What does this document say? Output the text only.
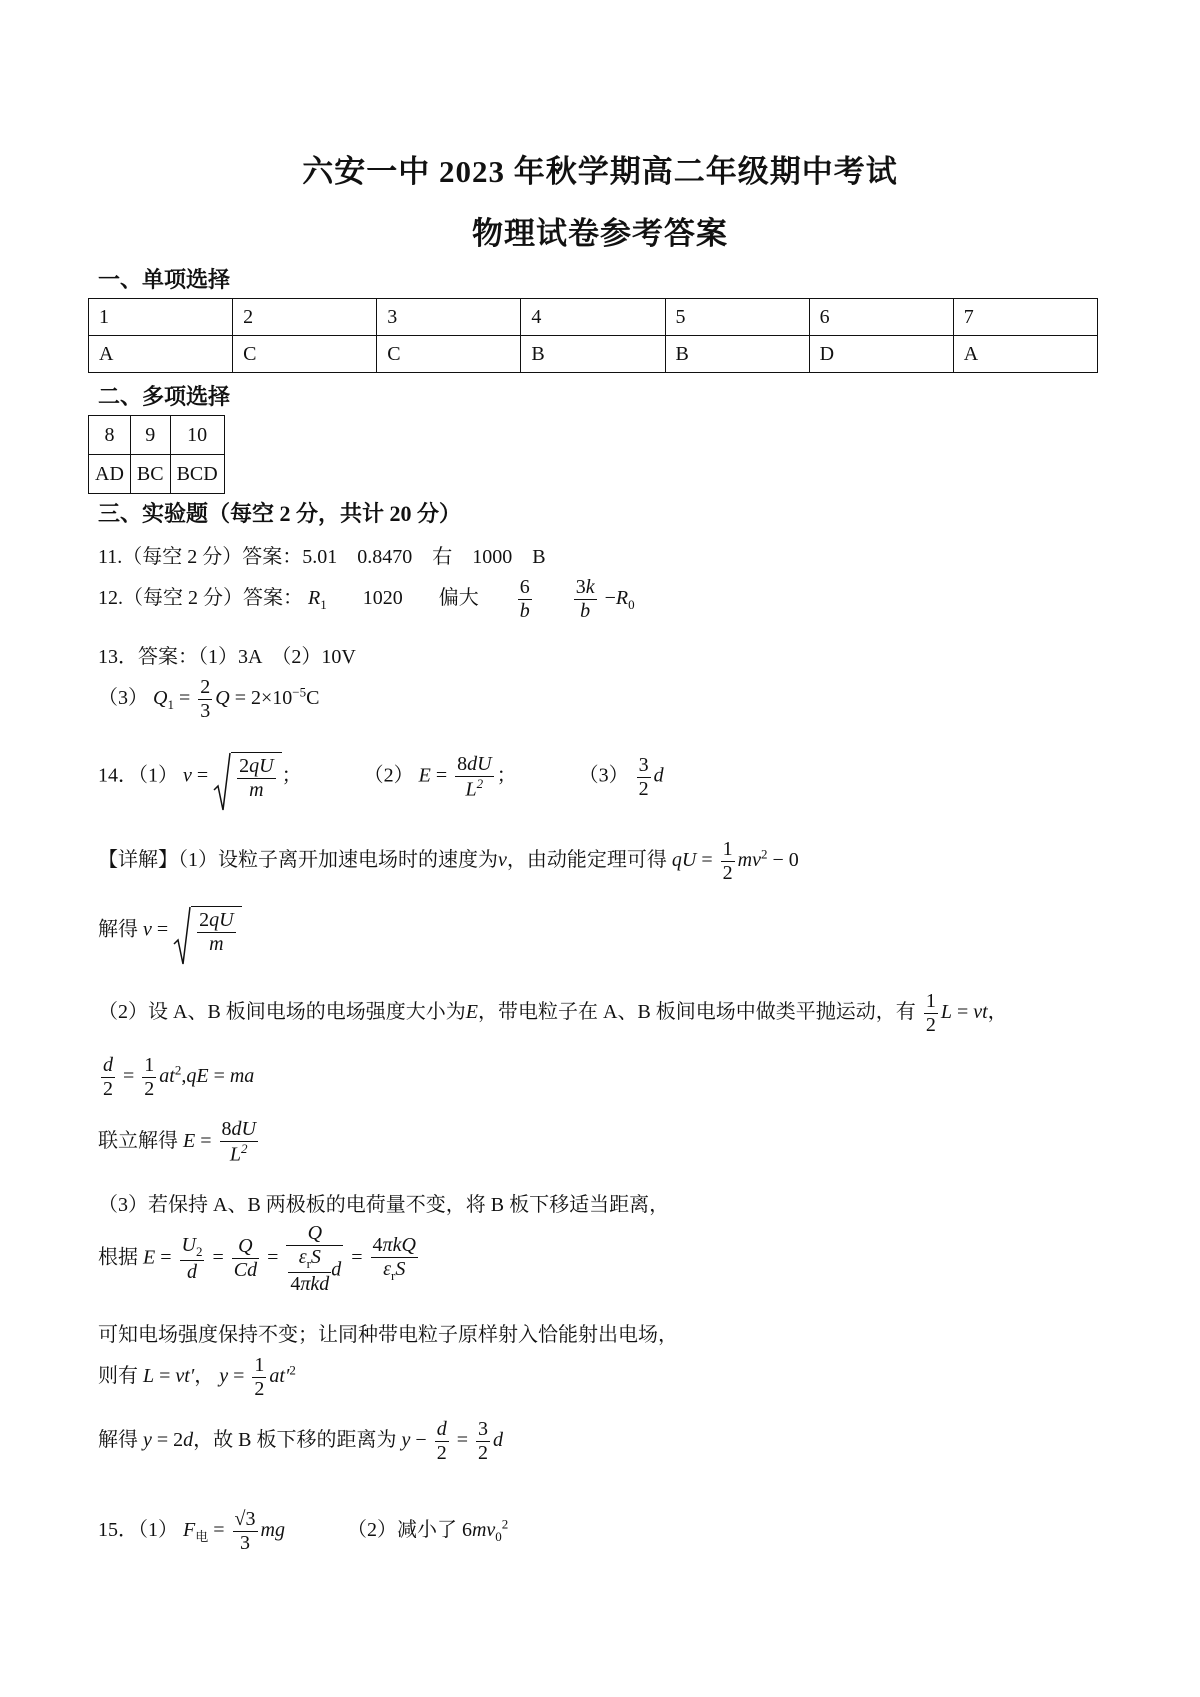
六安一中 2023 年秋学期高二年级期中考试
物理试卷参考答案
一、单项选择
1	2	3	4	5	6	7
A	C	C	B	B	D	A
二、多项选择
8	9	10
AD	BC	BCD
三、实验题（每空 2 分，共计 20 分）
11.（每空 2 分）答案：5.01　0.8470　右　1000　B
12.（每空 2 分）答案： $R_1$ 1020 偏大 $\frac{6}{b}$
$\frac{3k}{b} -R_0$
13．答案：（1）3A　（2）10V
（3） $Q_1 = \frac{2}{3}$ $Q = 2\times 10^{-5}C$
14．（1） $v = \frac{2qU}{m}$ ；	（2） $E = \frac{8dU}{L^2}$ ；	$(3) \frac{3}{2}$ d
【详解】（1）设粒子离开加速电场时的速度为v，由动能定理可得 qU = $\frac{1}{2} mv^2 - 0$
解得 $v = \frac{2qU}{m}$
（2）设 A、B 板间电场的电场强度大小为E，带电粒子在 A、B 板间电场中做类平抛运动，有 $\frac{1}{2}$ L = vt，
$\frac{d}{2} = \frac{1}{2} at^2,qE$ = ma
联立解得 $E = \frac{8dU}{L^2}$
（3）若保持 A、B 两极板的电荷量不变，将 B 板下移适当距离，
根据 $E = \frac{U_2}{d} = \frac{Q}{Cd}$ =
Q
$\varepsilon_rS$
4πkd
d
=
4πkQ
$\varepsilon_rS$
可知电场强度保持不变；让同种带电粒子原样射入恰能射出电场，
则有 L = vt′， $y = \frac{1}{2} at'^2$
解得 y = 2d，故 B 板下移的距离为 $y - \frac{d}{2} = \frac{3}{2}$ d
15．（1） $F_电 = \frac{√3}{3}$ mg	（2）减小了 $6mv_0^2$
